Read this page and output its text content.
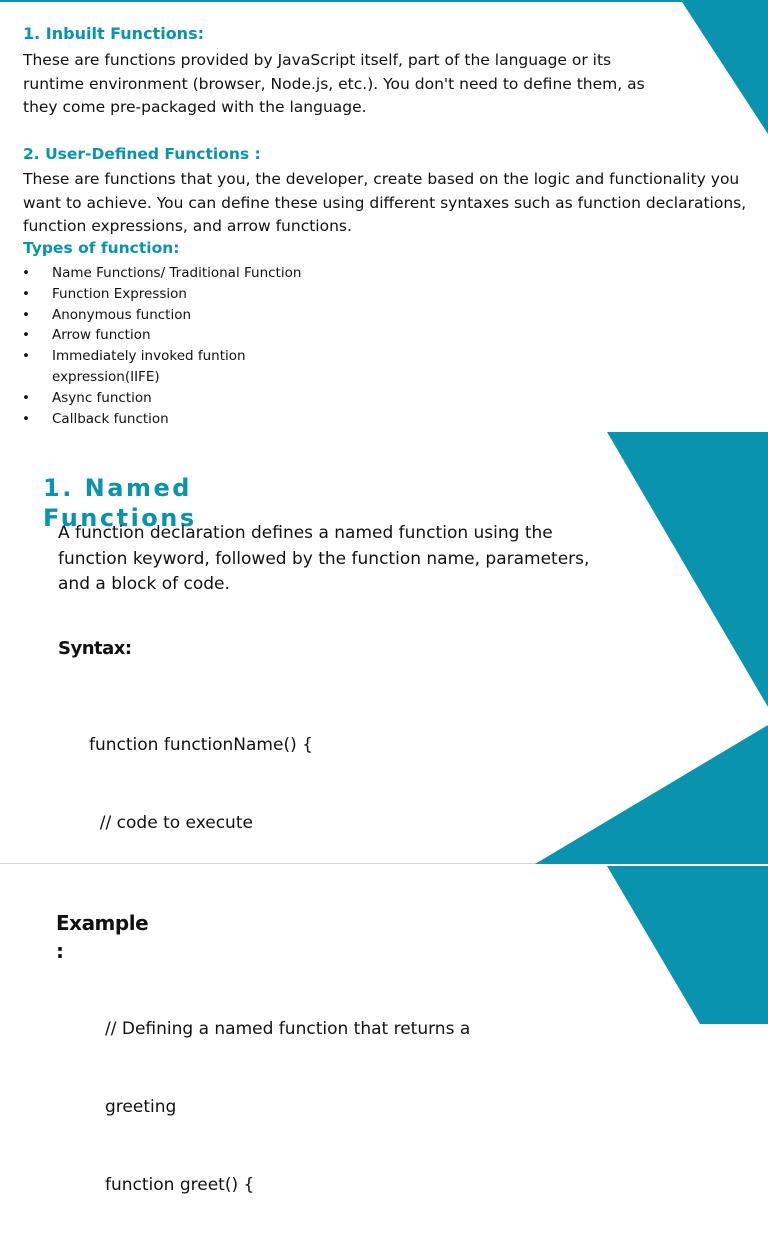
1. Inbuilt Functions:

These are functions provided by JavaScript itself, part of the language or its
runtime environment (browser, Node.js, etc.). You don't need to define them, as
they come pre-packaged with the language.

2. User-Defined Functions :

These are functions that you, the developer, create based on the logic and functionality you
want to achieve. You can define these using different syntaxes such as function declarations,
function expressions, and arrow functions.

Types of function:

• Name Functions/ Traditional Function
• Function Expression
• Anonymous function
• Arrow function
• Immediately invoked funtion
expression(IIFE)
• Async function
• Callback function
1. Named
Functions
A function declaration defines a named function using the
function keyword, followed by the function name, parameters,
and a block of code.

Syntax:

function functionName() {

// code to execute

Example
:

// Defining a named function that returns a

greeting

function greet() {
